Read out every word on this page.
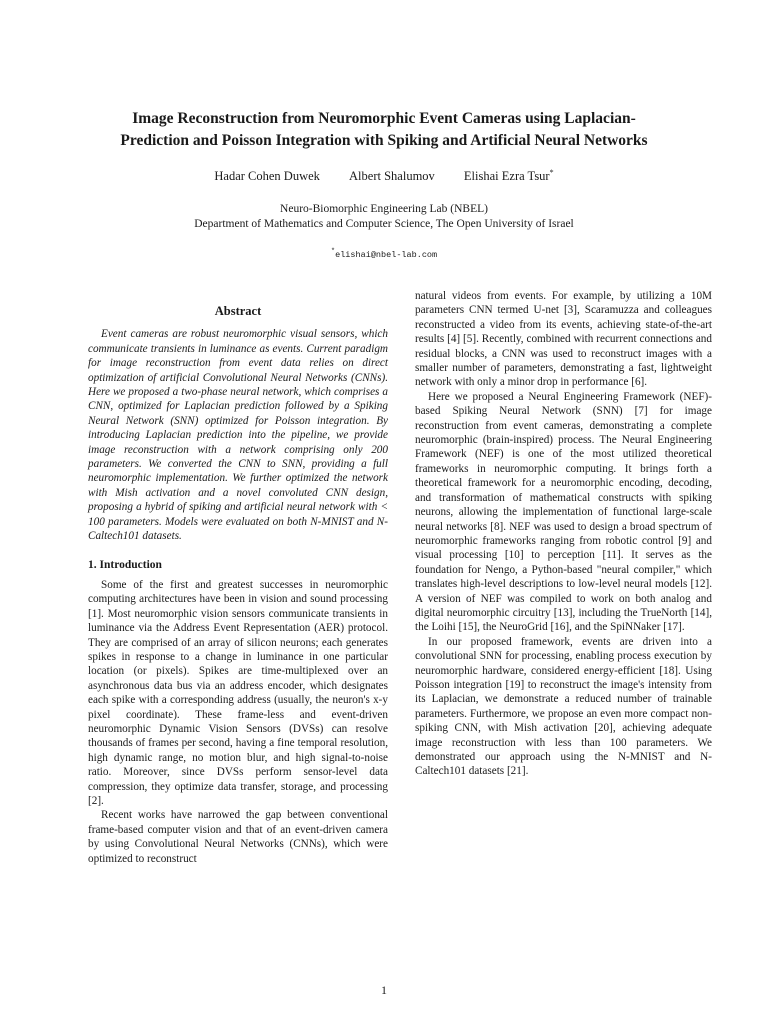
Image Reconstruction from Neuromorphic Event Cameras using Laplacian-
Prediction and Poisson Integration with Spiking and Artificial Neural Networks
Hadar Cohen Duwek Albert Shalumov Elishai Ezra Tsur*
Neuro-Biomorphic Engineering Lab (NBEL)
Department of Mathematics and Computer Science, The Open University of Israel
*elishai@nbel-lab.com
Abstract

Event cameras are robust neuromorphic visual sensors, which communicate transients in luminance as events. Current paradigm for image reconstruction from event data relies on direct optimization of artificial Convolutional Neural Networks (CNNs). Here we proposed a two-phase neural network, which comprises a CNN, optimized for Laplacian prediction followed by a Spiking Neural Network (SNN) optimized for Poisson integration. By introducing Laplacian prediction into the pipeline, we provide image reconstruction with a network comprising only 200 parameters. We converted the CNN to SNN, providing a full neuromorphic implementation. We further optimized the network with Mish activation and a novel convoluted CNN design, proposing a hybrid of spiking and artificial neural network with < 100 parameters. Models were evaluated on both N-MNIST and N-Caltech101 datasets.

1. Introduction

Some of the first and greatest successes in neuromorphic computing architectures have been in vision and sound processing [1]. Most neuromorphic vision sensors communicate transients in luminance via the Address Event Representation (AER) protocol. They are comprised of an array of silicon neurons; each generates spikes in response to a change in luminance in one particular location (or pixels). Spikes are time-multiplexed over an asynchronous data bus via an address encoder, which designates each spike with a corresponding address (usually, the neuron's x-y pixel coordinate). These frame-less and event-driven neuromorphic Dynamic Vision Sensors (DVSs) can resolve thousands of frames per second, having a fine temporal resolution, high dynamic range, no motion blur, and high signal-to-noise ratio. Moreover, since DVSs perform sensor-level data compression, they optimize data transfer, storage, and processing [2].

Recent works have narrowed the gap between conventional frame-based computer vision and that of an event-driven camera by using Convolutional Neural Networks (CNNs), which were optimized to reconstruct

natural videos from events. For example, by utilizing a 10M parameters CNN termed U-net [3], Scaramuzza and colleagues reconstructed a video from its events, achieving state-of-the-art results [4] [5]. Recently, combined with recurrent connections and residual blocks, a CNN was used to reconstruct images with a smaller number of parameters, demonstrating a fast, lightweight network with only a minor drop in performance [6].

Here we proposed a Neural Engineering Framework (NEF)-based Spiking Neural Network (SNN) [7] for image reconstruction from event cameras, demonstrating a complete neuromorphic (brain-inspired) process. The Neural Engineering Framework (NEF) is one of the most utilized theoretical frameworks in neuromorphic computing. It brings forth a theoretical framework for a neuromorphic encoding, decoding, and transformation of mathematical constructs with spiking neurons, allowing the implementation of functional large-scale neural networks [8]. NEF was used to design a broad spectrum of neuromorphic frameworks ranging from robotic control [9] and visual processing [10] to perception [11]. It serves as the foundation for Nengo, a Python-based "neural compiler," which translates high-level descriptions to low-level neural models [12]. A version of NEF was compiled to work on both analog and digital neuromorphic circuitry [13], including the TrueNorth [14], the Loihi [15], the NeuroGrid [16], and the SpiNNaker [17].

In our proposed framework, events are driven into a convolutional SNN for processing, enabling process execution by neuromorphic hardware, considered energy-efficient [18]. Using Poisson integration [19] to reconstruct the image's intensity from its Laplacian, we demonstrate a reduced number of trainable parameters. Furthermore, we propose an even more compact non-spiking CNN, with Mish activation [20], achieving adequate image reconstruction with less than 100 parameters. We demonstrated our approach using the N-MNIST and N-Caltech101 datasets [21].

1
